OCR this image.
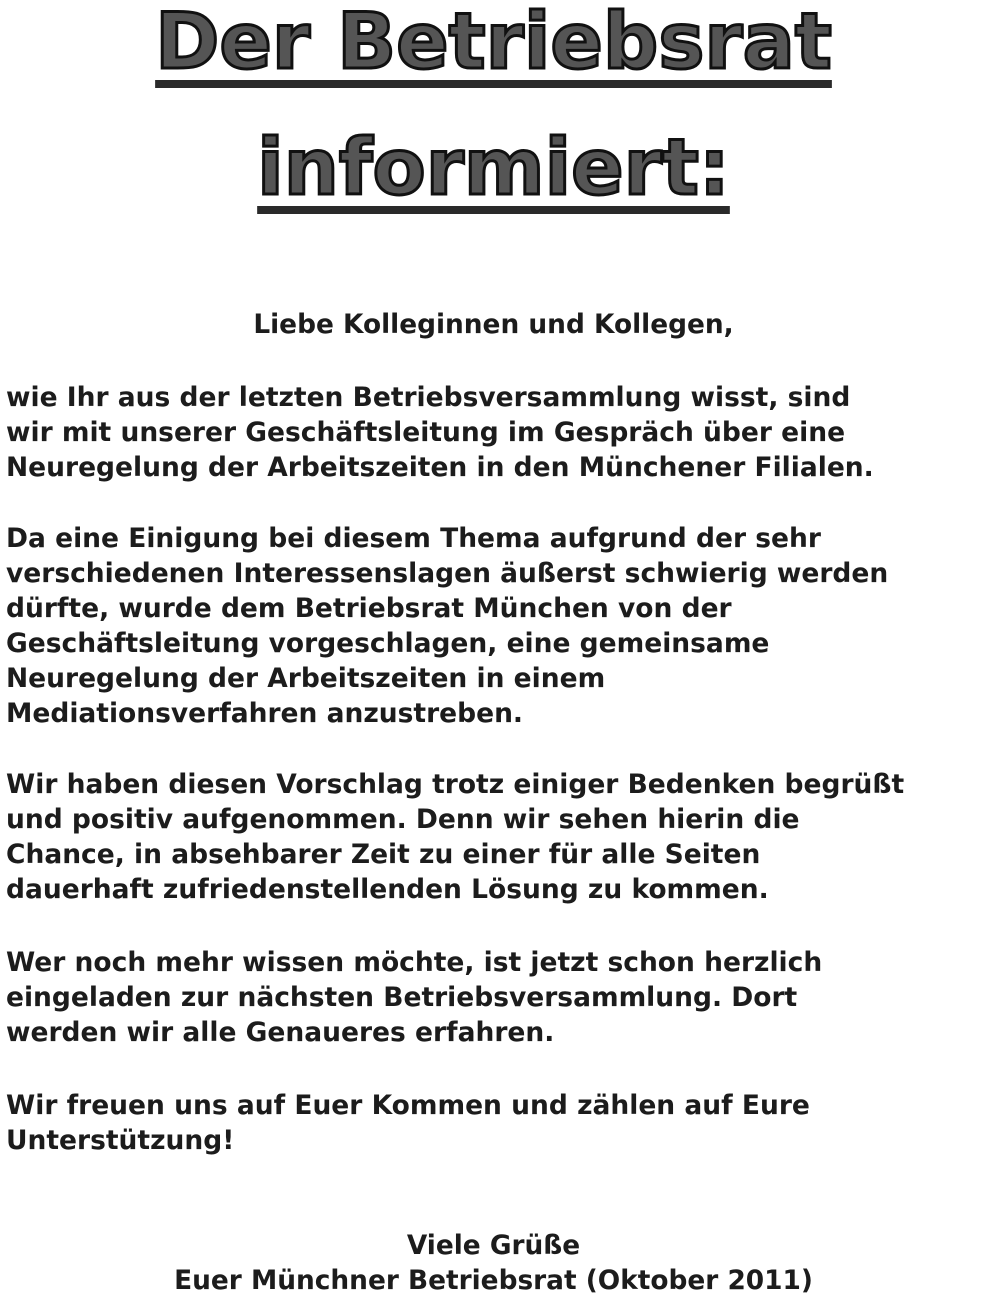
Der Betriebsrat
informiert:
Liebe Kolleginnen und Kollegen,
wie Ihr aus der letzten Betriebsversammlung wisst, sind
wir mit unserer Geschäftsleitung im Gespräch über eine
Neuregelung der Arbeitszeiten in den Münchener Filialen.
Da eine Einigung bei diesem Thema aufgrund der sehr
verschiedenen Interessenslagen äußerst schwierig werden
dürfte, wurde dem Betriebsrat München von der
Geschäftsleitung vorgeschlagen, eine gemeinsame
Neuregelung der Arbeitszeiten in einem
Mediationsverfahren anzustreben.
Wir haben diesen Vorschlag trotz einiger Bedenken begrüßt
und positiv aufgenommen. Denn wir sehen hierin die
Chance, in absehbarer Zeit zu einer für alle Seiten
dauerhaft zufriedenstellenden Lösung zu kommen.
Wer noch mehr wissen möchte, ist jetzt schon herzlich
eingeladen zur nächsten Betriebsversammlung. Dort
werden wir alle Genaueres erfahren.
Wir freuen uns auf Euer Kommen und zählen auf Eure
Unterstützung!
Viele Grüße
Euer Münchner Betriebsrat (Oktober 2011)
